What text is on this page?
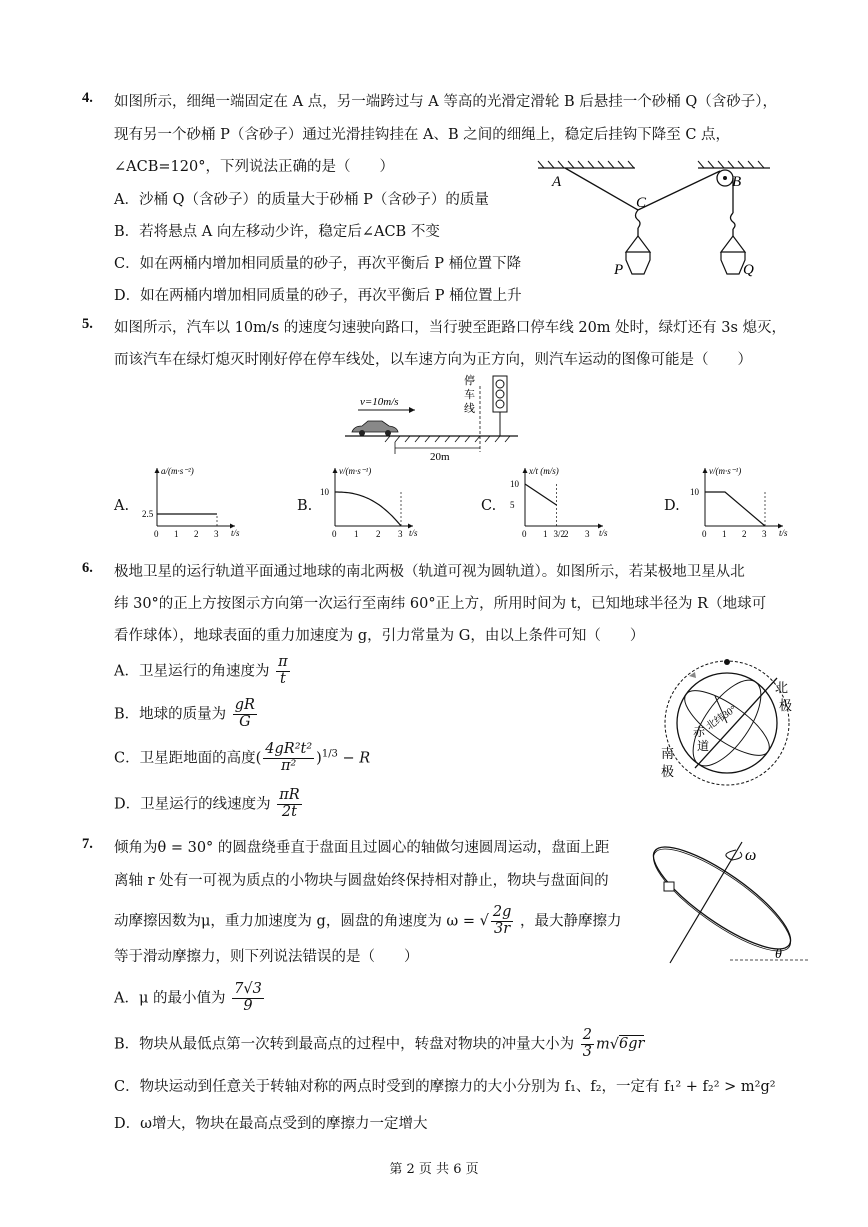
4. 如图所示，细绳一端固定在 A 点，另一端跨过与 A 等高的光滑定滑轮 B 后悬挂一个砂桶 Q（含砂子），
现有另一个砂桶 P（含砂子）通过光滑挂钩挂在 A、B 之间的细绳上，稳定后挂钩下降至 C 点，
∠ACB=120°，下列说法正确的是（　　）
A．沙桶 Q（含砂子）的质量大于砂桶 P（含砂子）的质量
B．若将悬点 A 向左移动少许，稳定后∠ACB 不变
C．如在两桶内增加相同质量的砂子，再次平衡后 P 桶位置下降
D．如在两桶内增加相同质量的砂子，再次平衡后 P 桶位置上升
A	B
C
P	Q
5. 如图所示，汽车以 10m/s 的速度匀速驶向路口，当行驶至距路口停车线 20m 处时，绿灯还有 3s 熄灭，
而该汽车在绿灯熄灭时刚好停在停车线处，以车速方向为正方向，则汽车运动的图像可能是（　　）
v=10m/s
20m
停
车
线
A.	B.	C.	D.
a/(m·s⁻²)
t/s
0 1 2 3
2.5
v/(m·s⁻¹)
t/s
0 1 2 3
10
x/t (m/s)
t/s
0 1 3/2
2 3
5
10
v/(m·s⁻¹)
t/s
0 1 2 3
10
6. 极地卫星的运行轨道平面通过地球的南北两极（轨道可视为圆轨道）。如图所示，若某极地卫星从北
纬 30°的正上方按图示方向第一次运行至南纬 60°正上方，所用时间为 t，已知地球半径为 R（地球可
看作球体），地球表面的重力加速度为 g，引力常量为 G，由以上条件可知（　　）
A．卫星运行的角速度为 $\frac{\pi}{t}$
B．地球的质量为 $\frac{gR}{G}$
C．卫星距地面的高度( $\frac{\text{4gR²t²}}{\text{π²}} )^{1/3} - R$
D．卫星运行的线速度为 $\frac{\pi R}{2t}$
北
极
南
极
北纬30°
赤
道
7. 倾角为θ = 30° 的圆盘绕垂直于盘面且过圆心的轴做匀速圆周运动，盘面上距
离轴 r 处有一可视为质点的小物块与圆盘始终保持相对静止，物块与盘面间的
动摩擦因数为μ，重力加速度为 g，圆盘的角速度为 ω = √ $\frac{2g}{3r}$ ，最大静摩擦力
等于滑动摩擦力，则下列说法错误的是（　　）
A．μ 的最小值为 $\frac{7√3}{9}$
B．物块从最低点第一次转到最高点的过程中，转盘对物块的冲量大小为 $\frac{2}{3} m√6gr$
C．物块运动到任意关于转轴对称的两点时受到的摩擦力的大小分别为 f₁、f₂，一定有 f₁² + f₂² > m²g²
D．ω增大，物块在最高点受到的摩擦力一定增大
ω
θ
第 2 页 共 6 页
